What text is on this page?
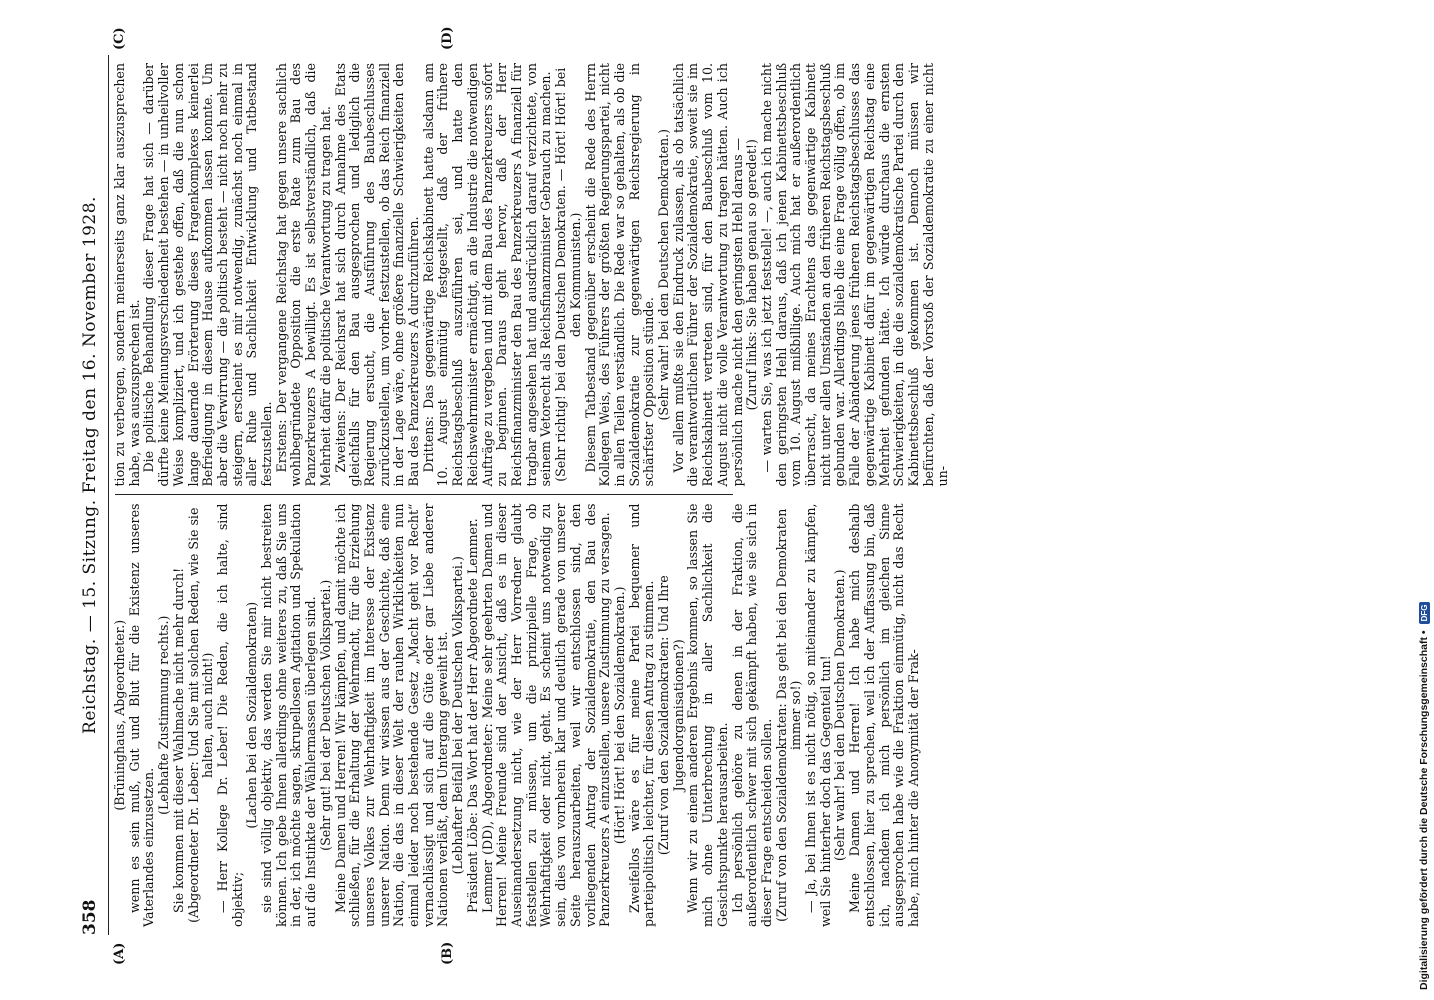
358
Reichstag. — 15. Sitzung. Freitag den 16. November 1928. (Brüninghaus, Abgeordneter.) wenn es sein muß, Gut und Blut für die Existenz unseres Vaterlandes einzusetzen.

(Lebhafte Zustimmung rechts.) Sie kommen mit dieser Wahlmache nicht mehr durch! (Abgeordneter Dr. Leber: Und Sie mit solchen Reden, wie Sie sie halten, auch nicht!) — Herr Kollege Dr. Leber! Die Reden, die ich halte, sind objektiv;

(Lachen bei den Sozialdemokraten) sie sind völlig objektiv, das werden Sie mir nicht bestreiten können. Ich gebe Ihnen allerdings ohne weiteres zu, daß Sie uns in der, ich möchte sagen, skrupellosen Agitation und Spekulation auf die Instinkte der Wählermassen überlegen sind. (Sehr gut! bei der Deutschen Volkspartei.) Meine Damen und Herren! Wir kämpfen, und damit möchte ich schließen, für die Erhaltung der Wehrmacht, für die Erziehung unseres Volkes zur Wehrhaftigkeit im Interesse der Existenz unserer Nation. Denn wir wissen aus der Geschichte, daß eine Nation, die das in dieser Welt der rauhen Wirklichkeiten nun einmal leider noch bestehende Gesetz „Macht geht vor Recht“ vernachlässigt und sich auf die Güte oder gar Liebe anderer Nationen verläßt, dem Untergang geweiht ist. (Lebhafter Beifall bei der Deutschen Volkspartei.) Präsident Löbe: Das Wort hat der Herr Abgeordnete Lemmer. Lemmer (DD), Abgeordneter: Meine sehr geehrten Damen und Herren! Meine Freunde sind der Ansicht, daß es in dieser Auseinandersetzung nicht, wie der Herr Vorredner glaubt feststellen zu müssen, um die prinzipielle Frage, ob Wehrhaftigkeit oder nicht, geht. Es scheint uns notwendig zu sein, dies von vornherein klar und deutlich gerade von unserer Seite herauszuarbeiten, weil wir entschlossen sind, den vorliegenden Antrag der Sozialdemokratie, den Bau des Panzerkreuzers A einzustellen, unsere Zustimmung zu versagen. (Hört! Hört! bei den Sozialdemokraten.) Zweifellos wäre es für meine Partei bequemer und parteipolitisch leichter, für diesen Antrag zu stimmen. (Zuruf von den Sozialdemokraten: Und Ihre Jugendorganisationen?) Wenn wir zu einem anderen Ergebnis kommen, so lassen Sie mich ohne Unterbrechung in aller Sachlichkeit die Gesichtspunkte herausarbeiten. Ich persönlich gehöre zu denen in der Fraktion, die außerordentlich schwer mit sich gekämpft haben, wie sie sich in dieser Frage entscheiden sollen. (Zuruf von den Sozialdemokraten: Das geht bei den Demokraten immer so!) — Ja, bei Ihnen ist es nicht nötig, so miteinander zu kämpfen, weil Sie hinterher doch das Gegenteil tun! (Sehr wahr! bei den Deutschen Demokraten.) Meine Damen und Herren! Ich habe mich deshalb entschlossen, hier zu sprechen, weil ich der Auffassung bin, daß ich, nachdem ich mich persönlich im gleichen Sinne ausgesprochen habe wie die Fraktion einmütig, nicht das Recht habe, mich hinter die Anonymität der Frak-

tion zu verbergen, sondern meinerseits ganz klar auszusprechen habe, was auszusprechen ist. Die politische Behandlung dieser Frage hat sich — darüber dürfte keine Meinungsverschiedenheit bestehen — in unheilvoller Weise kompliziert, und ich gestehe offen, daß die nun schon lange dauernde Erörterung dieses Fragenkomplexes keinerlei Befriedigung in diesem Hause aufkommen lassen konnte. Um aber die Verwirrung — die politisch besteht — nicht noch mehr zu steigern, erscheint es mir notwendig, zunächst noch einmal in aller Ruhe und Sachlichkeit Entwicklung und Tatbestand festzustellen. Erstens: Der vergangene Reichstag hat gegen unsere sachlich wohlbegründete Opposition die erste Rate zum Bau des Panzerkreuzers A bewilligt. Es ist selbstverständlich, daß die Mehrheit dafür die politische Verantwortung zu tragen hat. Zweitens: Der Reichsrat hat sich durch Annahme des Etats gleichfalls für den Bau ausgesprochen und lediglich die Regierung ersucht, die Ausführung des Baubeschlusses zurückzustellen, um vorher festzustellen, ob das Reich finanziell in der Lage wäre, ohne größere finanzielle Schwierigkeiten den Bau des Panzerkreuzers A durchzuführen. Drittens: Das gegenwärtige Reichskabinett hatte alsdann am 10. August einmütig festgestellt, daß der frühere Reichstagsbeschluß auszuführen sei, und hatte den Reichswehrminister ermächtigt, an die Industrie die notwendigen Aufträge zu vergeben und mit dem Bau des Panzerkreuzers sofort zu beginnen. Daraus geht hervor, daß der Herr Reichsfinanzminister den Bau des Panzerkreuzers A finanziell für tragbar angesehen hat und ausdrücklich darauf verzichtete, von seinem Vetorecht als Reichsfinanzminister Gebrauch zu machen. (Sehr richtig! bei den Deutschen Demokraten. — Hört! Hört! bei den Kommunisten.) Diesem Tatbestand gegenüber erscheint die Rede des Herrn Kollegen Weis, des Führers der größten Regierungspartei, nicht in allen Teilen verständlich. Die Rede war so gehalten, als ob die Sozialdemokratie zur gegenwärtigen Reichsregierung in schärfster Opposition stünde. (Sehr wahr! bei den Deutschen Demokraten.) Vor allem mußte sie den Eindruck zulassen, als ob tatsächlich die verantwortlichen Führer der Sozialdemokratie, soweit sie im Reichskabinett vertreten sind, für den Baubeschluß vom 10. August nicht die volle Verantwortung zu tragen hätten. Auch ich persönlich mache nicht den geringsten Hehl daraus — (Zuruf links: Sie haben genau so geredet!) — warten Sie, was ich jetzt feststelle! —, auch ich mache nicht den geringsten Hehl daraus, daß ich jenen Kabinettsbeschluß vom 10. August mißbillige. Auch mich hat er außerordentlich überrascht, da meines Erachtens das gegenwärtige Kabinett nicht unter allen Umständen an den früheren Reichstagsbeschluß gebunden war. Allerdings blieb die eine Frage völlig offen, ob im Falle der Abänderung jenes früheren Reichstagsbeschlusses das gegenwärtige Kabinett dafür im gegenwärtigen Reichstag eine Mehrheit gefunden hätte. Ich würde durchaus die ernsten Schwierigkeiten, in die die sozialdemokratische Partei durch den Kabinettsbeschluß gekommen ist. Dennoch müssen wir befürchten, daß der Vorstoß der Sozialdemokratie zu einer nicht un-

(A)	(B)
(C)	(D)
Digitalisierung gefördert durch die Deutsche Forschungsgemeinschaft •
DFG
